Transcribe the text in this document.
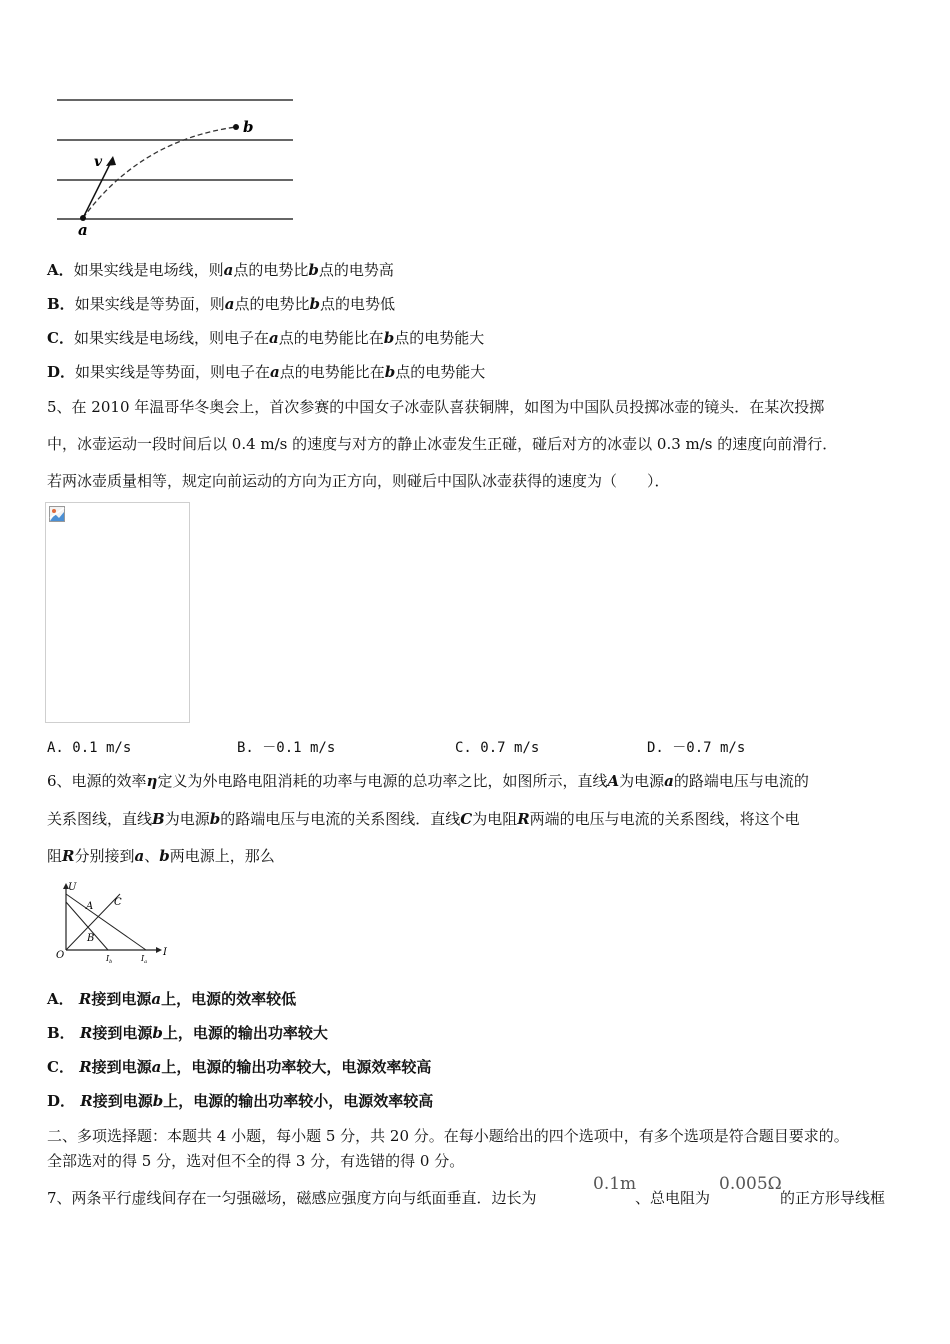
a
b
v
A．如果实线是电场线，则a点的电势比b点的电势高
B．如果实线是等势面，则a点的电势比b点的电势低
C．如果实线是电场线，则电子在a点的电势能比在b点的电势能大
D．如果实线是等势面，则电子在a点的电势能比在b点的电势能大
5、在 2010 年温哥华冬奥会上，首次参赛的中国女子冰壶队喜获铜牌，如图为中国队员投掷冰壶的镜头．在某次投掷
中，冰壶运动一段时间后以 0.4 m/s 的速度与对方的静止冰壶发生正碰，碰后对方的冰壶以 0.3 m/s 的速度向前滑行．
若两冰壶质量相等，规定向前运动的方向为正方向，则碰后中国队冰壶获得的速度为（　　）．
A. 0.1 m/s	B. －0.1 m/s	C. 0.7 m/s	D. －0.7 m/s
6、电源的效率η定义为外电路电阻消耗的功率与电源的总功率之比，如图所示，直线A为电源a的路端电压与电流的
关系图线，直线B为电源b的路端电压与电流的关系图线．直线C为电阻R两端的电压与电流的关系图线，将这个电
阻R分别接到a、b两电源上，那么
U
I
O
A
B
C
$I_b$	$I_a$
A． R接到电源a上，电源的效率较低
B． R接到电源b上，电源的输出功率较大
C． R接到电源a上，电源的输出功率较大，电源效率较高
D． R接到电源b上，电源的输出功率较小，电源效率较高
二、多项选择题：本题共 4 小题，每小题 5 分，共 20 分。在每小题给出的四个选项中，有多个选项是符合题目要求的。
全部选对的得 5 分，选对但不全的得 3 分，有选错的得 0 分。
7、两条平行虚线间存在一匀强磁场，磁感应强度方向与纸面垂直．边长为
0.1m
、总电阻为
0.005Ω
的正方形导线框
